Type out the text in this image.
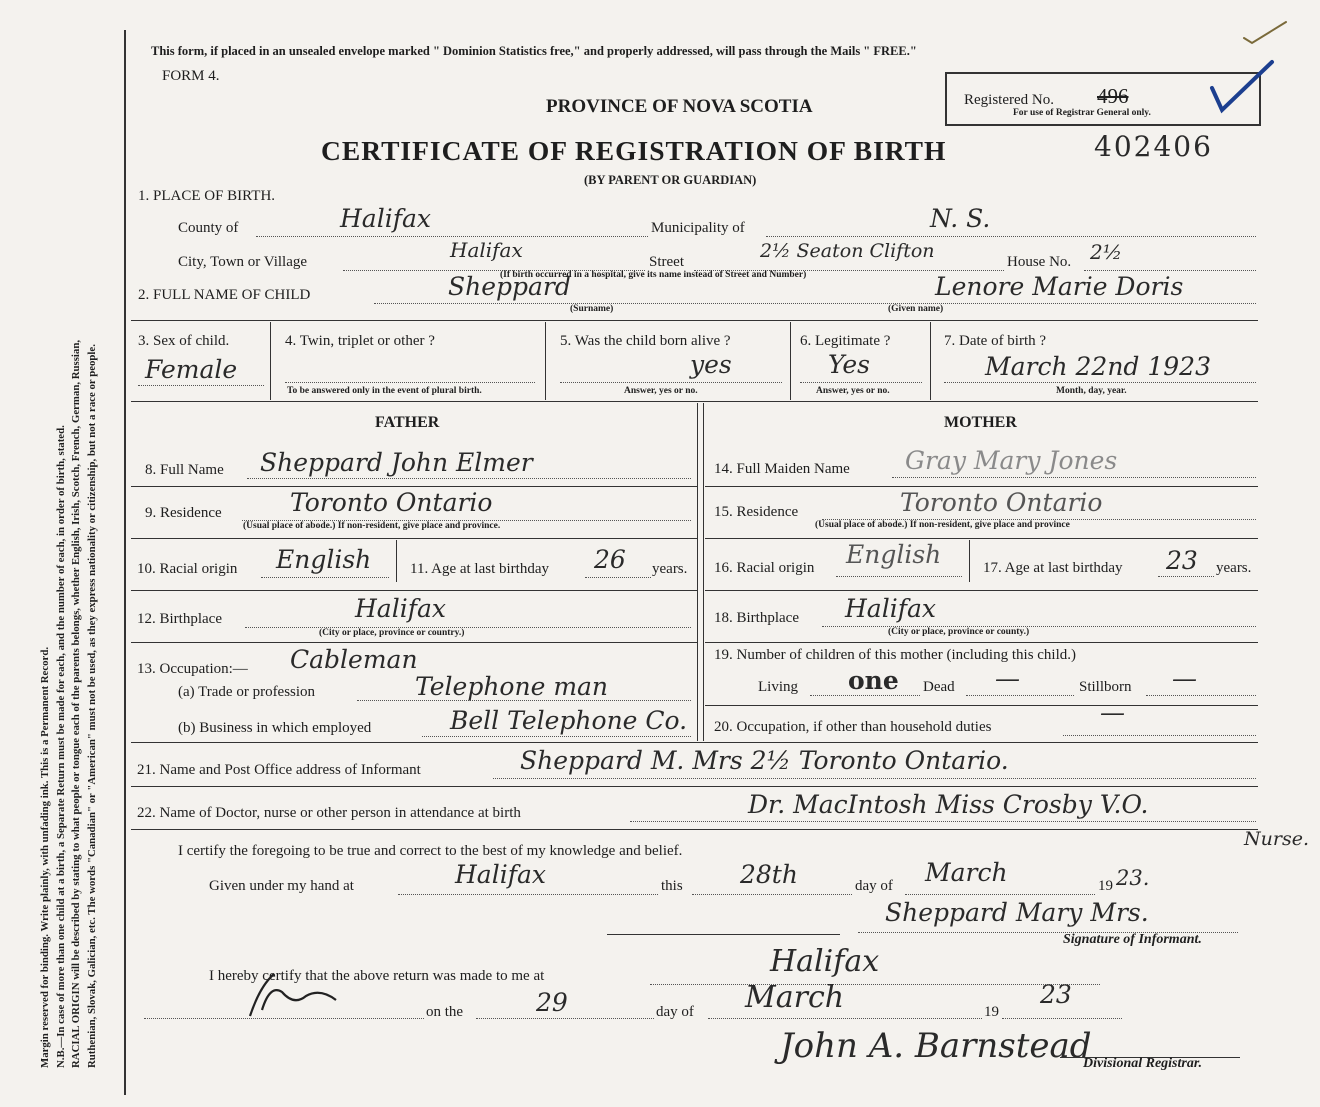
Margin reserved for binding. Write plainly, with unfading ink. This is a Permanent Record. N.B.—In case of more than one child at a birth, a Separate Return must be made for each, and the number of each, in order of birth, stated. RACIAL ORIGIN will be described by stating to what people or tongue each of the parents belongs, whether English, Irish, Scotch, French, German, Russian, Ruthenian, Slovak, Galician, etc. The words "Canadian" or "American" must not be used, as they express nationality or citizenship, but not a race or people.
This form, if placed in an unsealed envelope marked " Dominion Statistics free," and properly addressed, will pass through the Mails " FREE."
FORM 4.
PROVINCE OF NOVA SCOTIA
CERTIFICATE OF REGISTRATION OF BIRTH	402406
(BY PARENT OR GUARDIAN)
Registered No. 496
For use of Registrar General only.
1. PLACE OF BIRTH.
County of	Halifax	Municipality of	N. S.
City, Town or Village	Halifax	Street	2½ Seaton Clifton	House No. 2½
(If birth occurred in a hospital, give its name instead of Street and Number)
2. FULL NAME OF CHILD	Sheppard
(Surname)
Lenore Marie Doris
(Given name)
3. Sex of child.
Female
4. Twin, triplet or other ?
To be answered only in the event of plural birth.
5. Was the child born alive ?
yes
Answer, yes or no.
6. Legitimate ?
Yes
Answer, yes or no.
7. Date of birth ?
March 22nd 1923
Month, day, year.
FATHER	MOTHER
8. Full Name Sheppard John Elmer	14. Full Maiden Name Gray Mary Jones
9. Residence	Toronto Ontario
(Usual place of abode.) If non-resident, give place and province.
15. Residence	Toronto Ontario
(Usual place of abode.) If non-resident, give place and province
10. Racial origin English	11. Age at last birthday 26 years. 16. Racial origin English	17. Age at last birthday 23 years.
12. Birthplace	Halifax
(City or place, province or country.)
18. Birthplace Halifax
(City or place, province or county.)
13. Occupation:— Cableman
(a) Trade or profession	Telephone man
(b) Business in which employed	Bell Telephone Co.
19. Number of children of this mother (including this child.)
Living one Dead —	Stillborn —
20. Occupation, if other than household duties	—
21. Name and Post Office address of Informant	Sheppard M. Mrs 2½ Toronto Ontario.
22. Name of Doctor, nurse or other person in attendance at birth	Dr. MacIntosh Miss Crosby V.O.
Nurse.
I certify the foregoing to be true and correct to the best of my knowledge and belief.
Given under my hand at	Halifax	this 28th	day of March	19 23.
Sheppard Mary Mrs.
Signature of Informant.
I hereby certify that the above return was made to me at	Halifax
on the	29	day of March	19
23
John A. Barnstead
Divisional Registrar.
